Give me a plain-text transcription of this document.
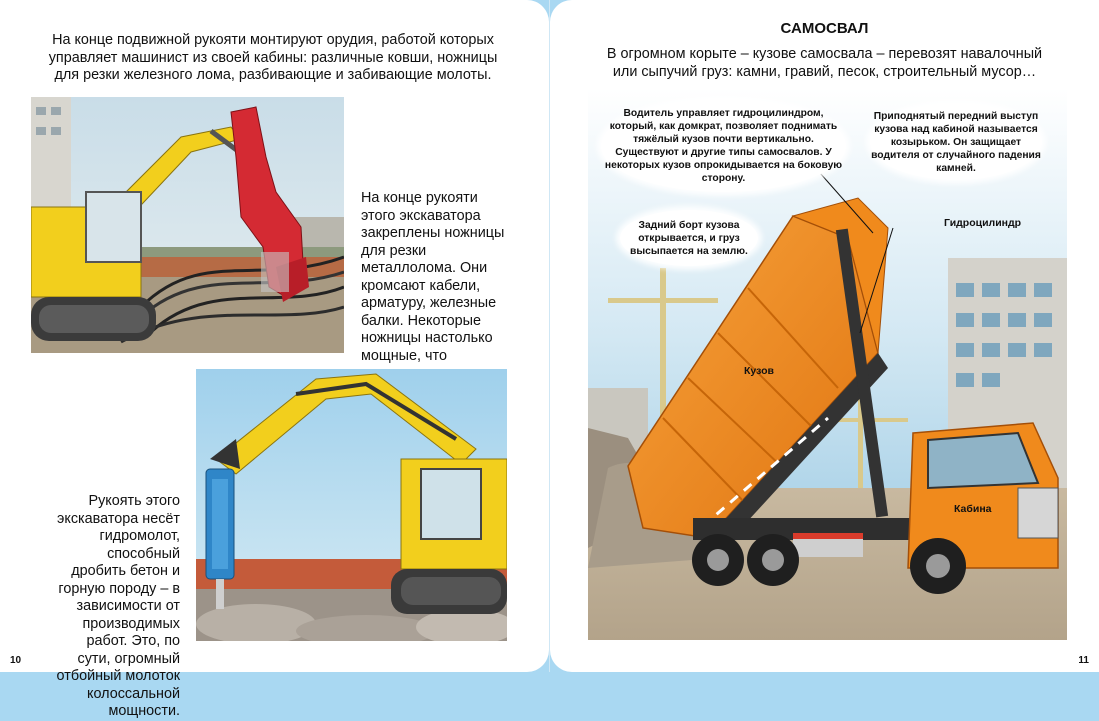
На конце подвижной рукояти монтируют орудия, работой которых управляет машинист из своей кабины: различные ковши, ножницы для резки железного лома, разбивающие и забивающие молоты.
На конце рукояти этого экскаватора закреплены ножницы для резки металлолома. Они кромсают кабели, арматуру, железные балки. Некоторые ножницы настолько мощные, что
Рукоять этого экскаватора несёт гидромолот, способный дробить бетон и горную породу – в зависимости от производимых работ. Это, по сути, огромный отбойный молоток колоссальной мощности.
10
САМОСВАЛ
В огромном корыте – кузове самосвала – перевозят навалочный или сыпучий груз: камни, гравий, песок, строительный мусор…
Водитель управляет гидроцилиндром, который, как домкрат, позволяет поднимать тяжёлый кузов почти вертикально. Существуют и другие типы самосвалов. У некоторых кузов опрокидывается на боковую сторону.
Приподнятый передний выступ кузова над кабиной называется козырьком. Он защищает водителя от случайного падения камней.
Задний борт кузова открывается, и груз высыпается на землю.
Гидроцилиндр
Кузов
Кабина
11
